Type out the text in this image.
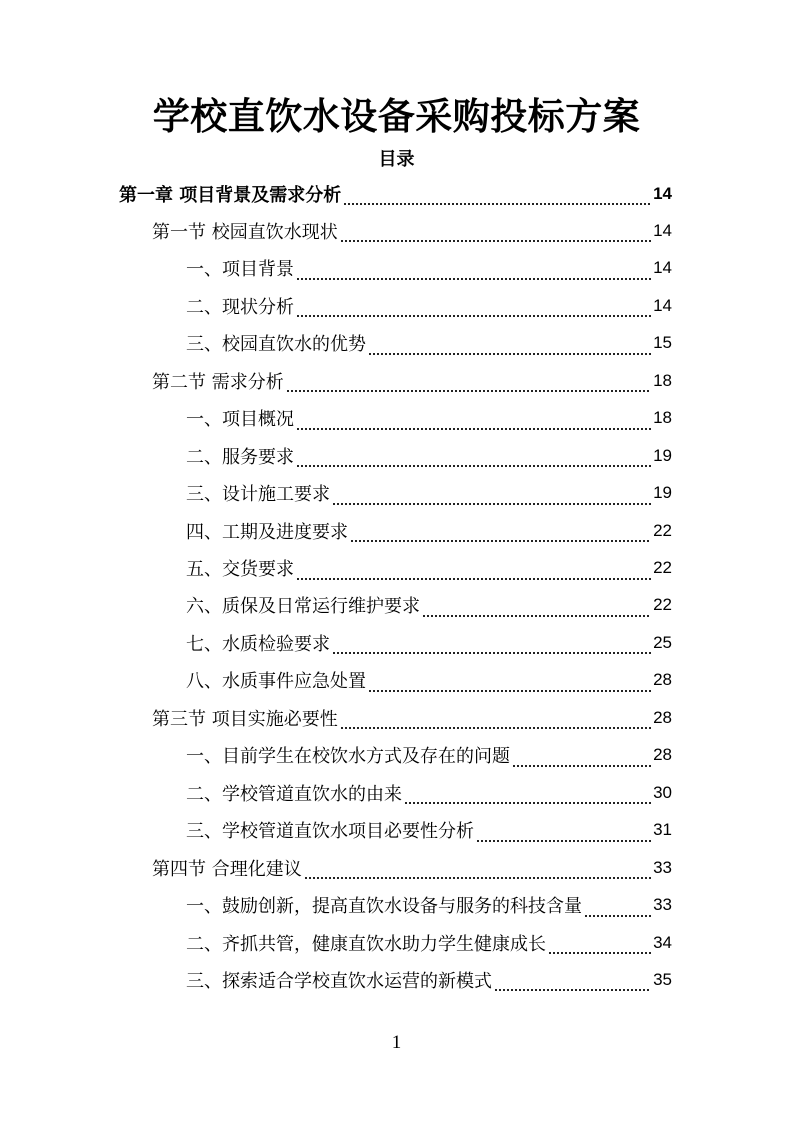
学校直饮水设备采购投标方案
目录
第一章 项目背景及需求分析	14
第一节 校园直饮水现状	14
一、项目背景	14
二、现状分析	14
三、校园直饮水的优势	15
第二节 需求分析	18
一、项目概况	18
二、服务要求	19
三、设计施工要求	19
四、工期及进度要求	22
五、交货要求	22
六、质保及日常运行维护要求	22
七、水质检验要求	25
八、水质事件应急处置	28
第三节 项目实施必要性	28
一、目前学生在校饮水方式及存在的问题	28
二、学校管道直饮水的由来	30
三、学校管道直饮水项目必要性分析	31
第四节 合理化建议	33
一、鼓励创新，提高直饮水设备与服务的科技含量	33
二、齐抓共管，健康直饮水助力学生健康成长	34
三、探索适合学校直饮水运营的新模式	35
1
